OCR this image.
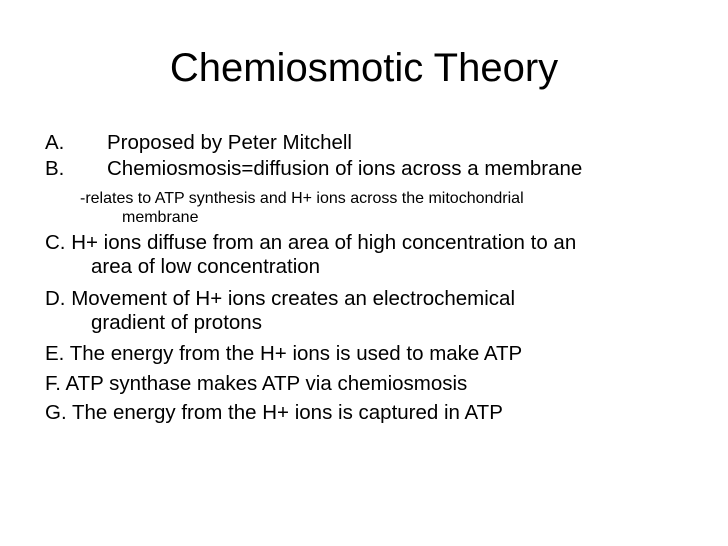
Chemiosmotic Theory
A. Proposed by Peter Mitchell
B. Chemiosmosis=diffusion of ions across a membrane
-relates to ATP synthesis and H+ ions across the mitochondrial
membrane
C. H+ ions diffuse from an area of high concentration to an
area of low concentration
D. Movement of H+ ions creates an electrochemical
gradient of protons
E. The energy from the H+ ions is used to make ATP
F. ATP synthase makes ATP via chemiosmosis
G. The energy from the H+ ions is captured in ATP
